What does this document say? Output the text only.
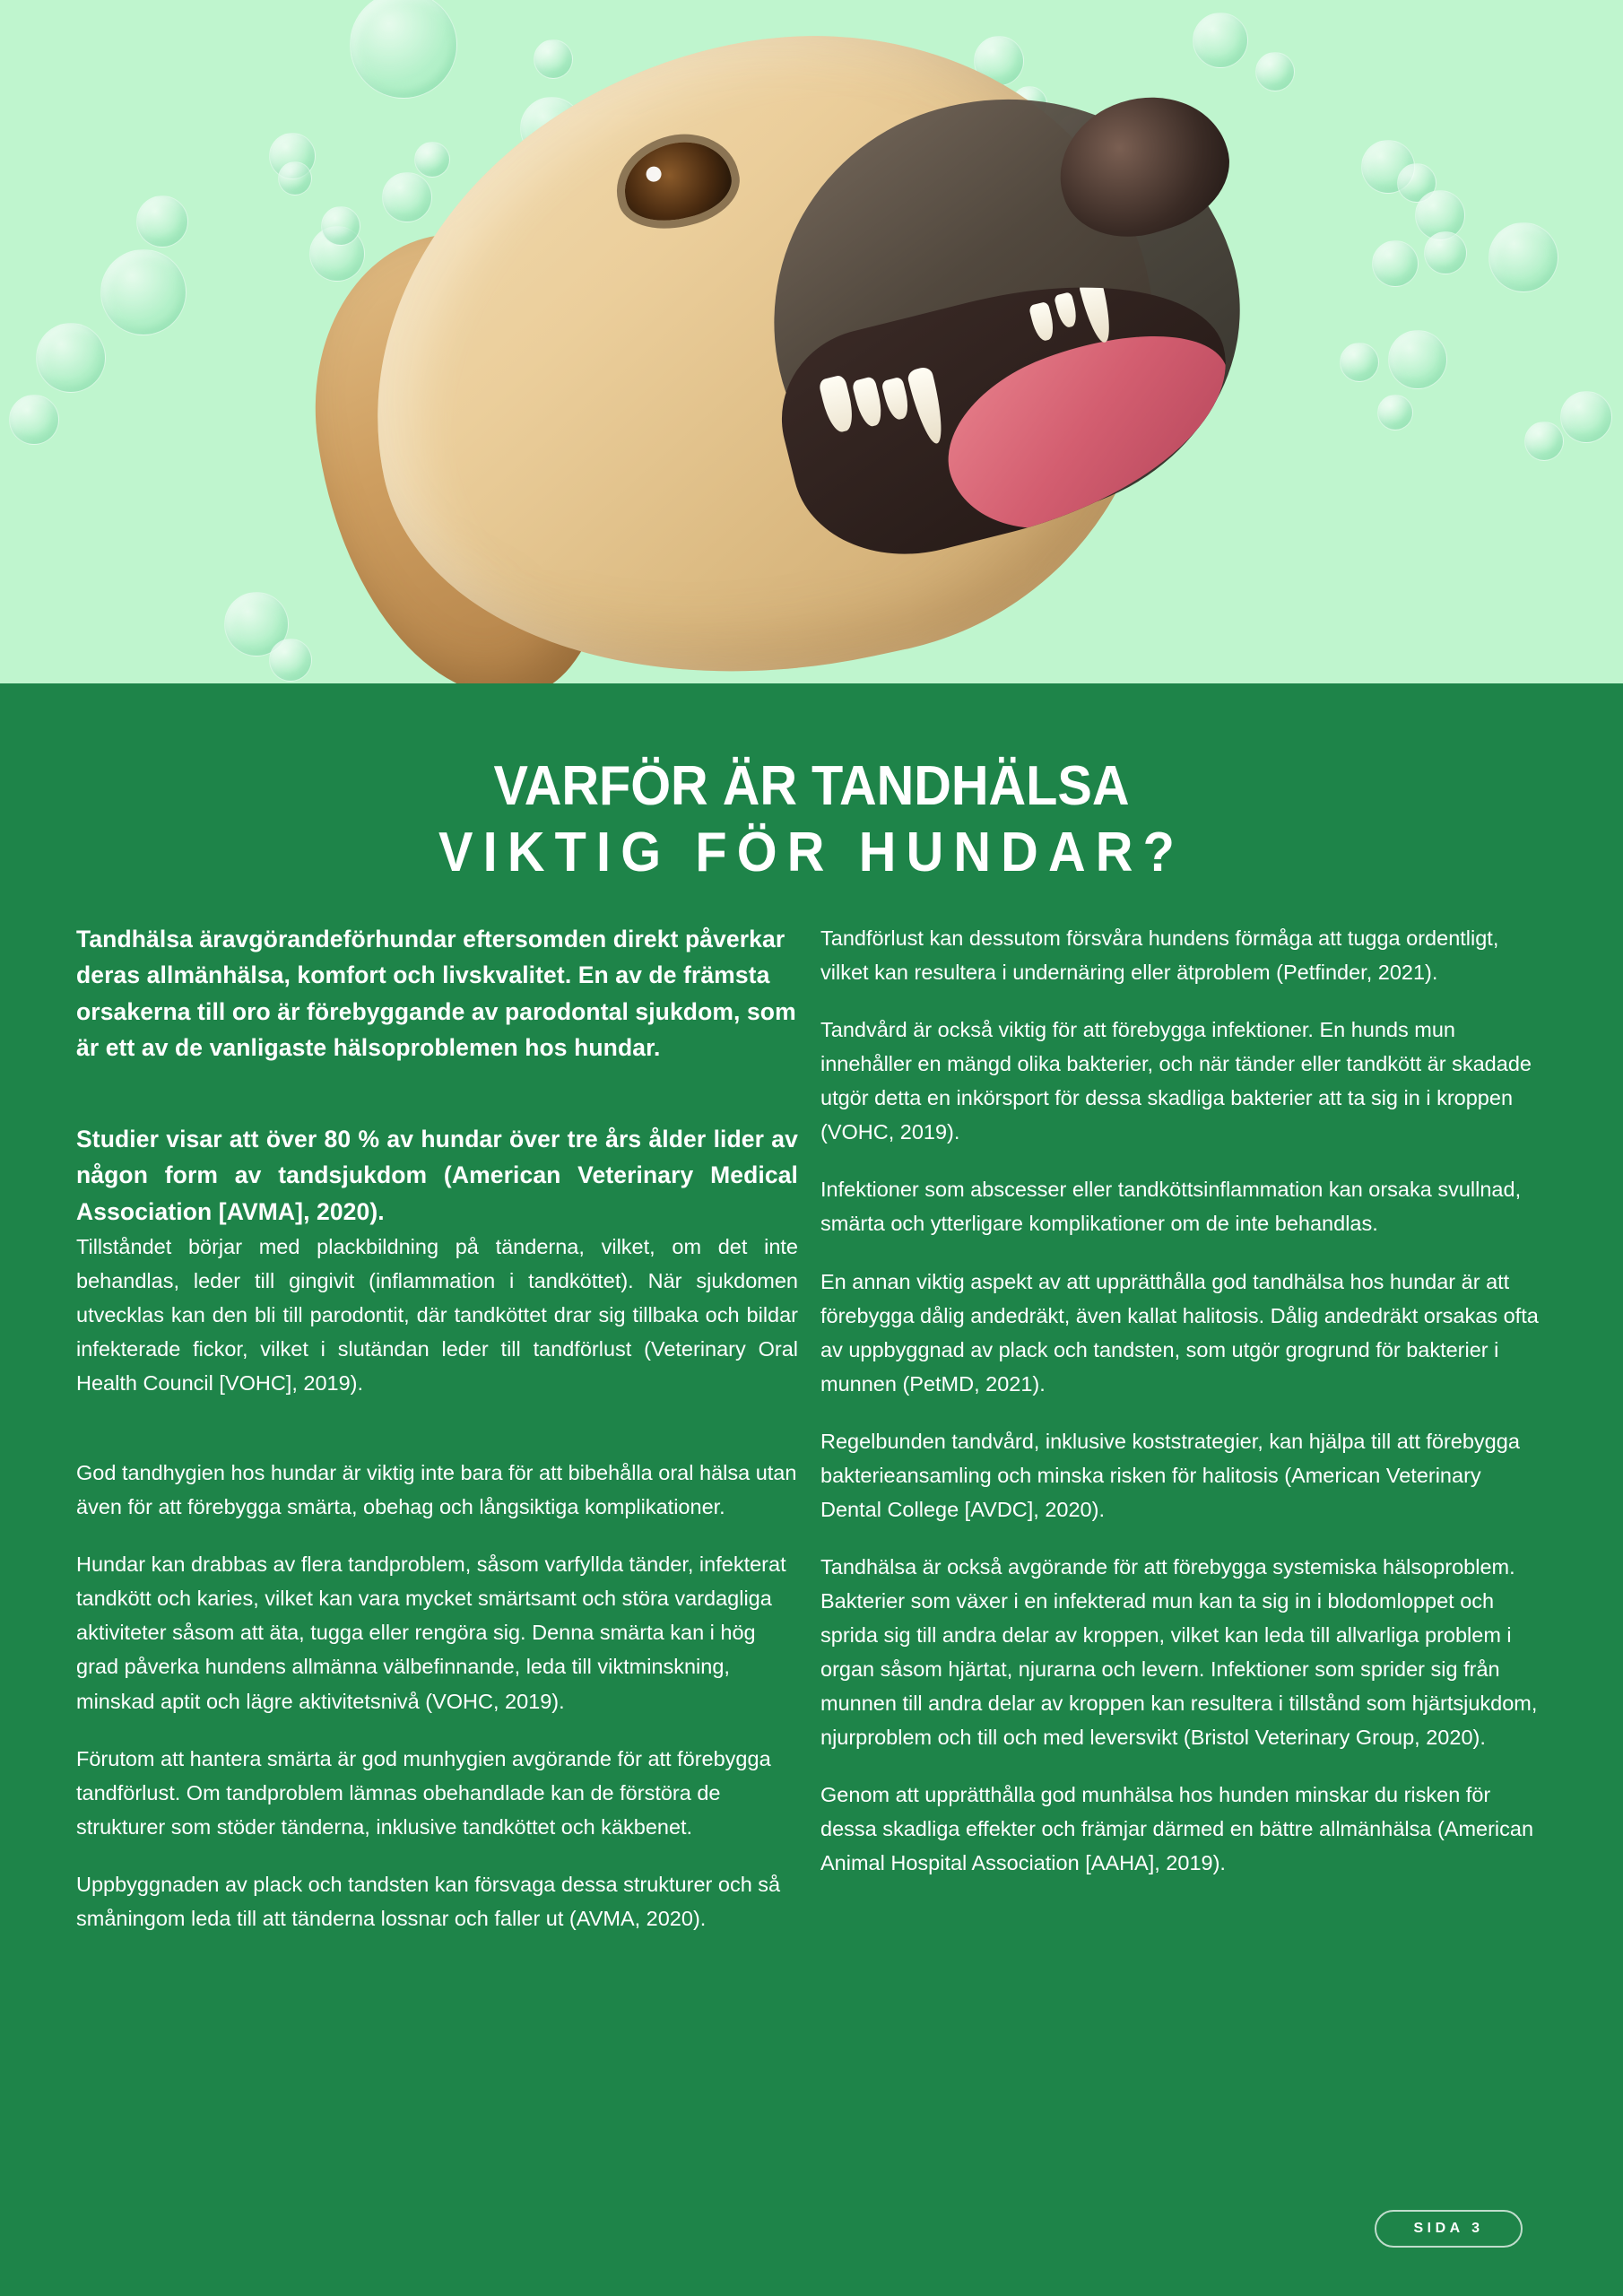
VARFÖR ÄR TANDHÄLSA
VIKTIG FÖR HUNDAR?

Tandhälsa äravgörandeförhundar eftersomden direkt påverkar deras allmänhälsa, komfort och livskvalitet. En av de främsta orsakerna till oro är förebyggande av parodontal sjukdom, som är ett av de vanligaste hälsoproblemen hos hundar.

Studier visar att över 80 % av hundar över tre års ålder lider av någon form av tandsjukdom (American Veterinary Medical Association [AVMA], 2020).

Tillståndet börjar med plackbildning på tänderna, vilket, om det inte behandlas, leder till gingivit (inflammation i tandköttet). När sjukdomen utvecklas kan den bli till parodontit, där tandköttet drar sig tillbaka och bildar infekterade fickor, vilket i slutändan leder till tandförlust (Veterinary Oral Health Council [VOHC], 2019).

God tandhygien hos hundar är viktig inte bara för att bibehålla oral hälsa utan även för att förebygga smärta, obehag och långsiktiga komplikationer.

Hundar kan drabbas av flera tandproblem, såsom varfyllda tänder, infekterat tandkött och karies, vilket kan vara mycket smärtsamt och störa vardagliga aktiviteter såsom att äta, tugga eller rengöra sig. Denna smärta kan i hög grad påverka hundens allmänna välbefinnande, leda till viktminskning, minskad aptit och lägre aktivitetsnivå (VOHC, 2019).

Förutom att hantera smärta är god munhygien avgörande för att förebygga tandförlust. Om tandproblem lämnas obehandlade kan de förstöra de strukturer som stöder tänderna, inklusive tandköttet och käkbenet.

Uppbyggnaden av plack och tandsten kan försvaga dessa strukturer och så småningom leda till att tänderna lossnar och faller ut (AVMA, 2020).

Tandförlust kan dessutom försvåra hundens förmåga att tugga ordentligt, vilket kan resultera i undernäring eller ätproblem (Petfinder, 2021).

Tandvård är också viktig för att förebygga infektioner. En hunds mun innehåller en mängd olika bakterier, och när tänder eller tandkött är skadade utgör detta en inkörsport för dessa skadliga bakterier att ta sig in i kroppen (VOHC, 2019).

Infektioner som abscesser eller tandköttsinflammation kan orsaka svullnad, smärta och ytterligare komplikationer om de inte behandlas.

En annan viktig aspekt av att upprätthålla god tandhälsa hos hundar är att förebygga dålig andedräkt, även kallat halitosis. Dålig andedräkt orsakas ofta av uppbyggnad av plack och tandsten, som utgör grogrund för bakterier i munnen (PetMD, 2021).

Regelbunden tandvård, inklusive koststrategier, kan hjälpa till att förebygga bakterieansamling och minska risken för halitosis (American Veterinary Dental College [AVDC], 2020).

Tandhälsa är också avgörande för att förebygga systemiska hälsoproblem. Bakterier som växer i en infekterad mun kan ta sig in i blodomloppet och sprida sig till andra delar av kroppen, vilket kan leda till allvarliga problem i organ såsom hjärtat, njurarna och levern. Infektioner som sprider sig från munnen till andra delar av kroppen kan resultera i tillstånd som hjärtsjukdom, njurproblem och till och med leversvikt (Bristol Veterinary Group, 2020).

Genom att upprätthålla god munhälsa hos hunden minskar du risken för dessa skadliga effekter och främjar därmed en bättre allmänhälsa (American Animal Hospital Association [AAHA], 2019).

SIDA 3
